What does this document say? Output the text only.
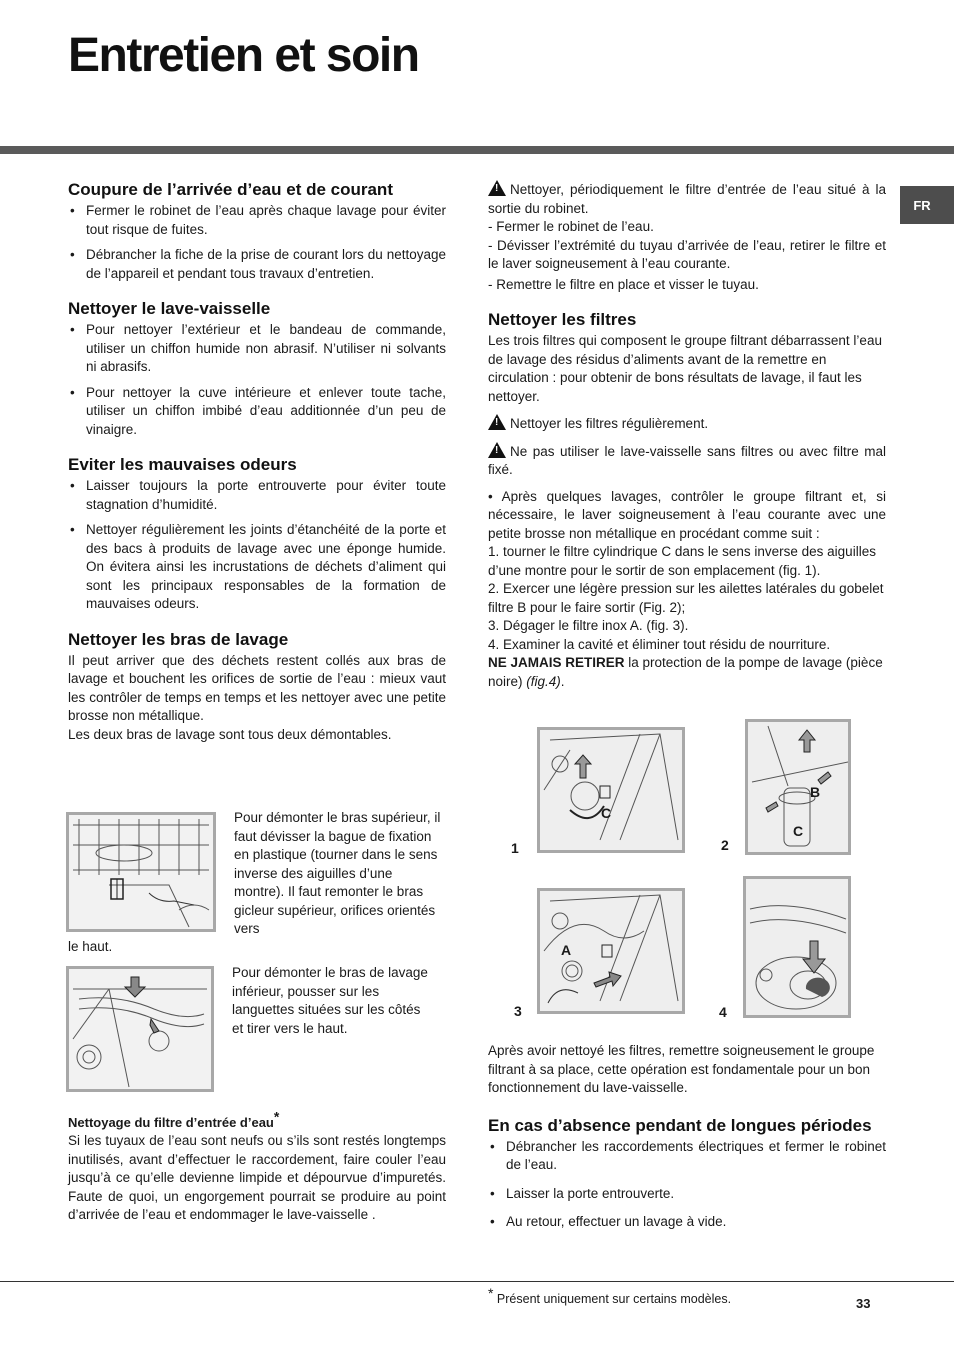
Entretien et soin
FR
Coupure de l’arrivée d’eau et de courant
• Fermer le robinet de l’eau après chaque lavage pour éviter tout risque de fuites.
• Débrancher la fiche de la prise de courant lors du nettoyage de l’appareil et pendant tous travaux d’entretien.
Nettoyer le lave-vaisselle
• Pour nettoyer l’extérieur et le bandeau de commande, utiliser un chiffon humide non abrasif. N’utiliser ni solvants ni abrasifs.
• Pour nettoyer la cuve intérieure et enlever toute tache, utiliser un chiffon imbibé d’eau additionnée d’un peu de vinaigre.
Eviter les mauvaises odeurs
• Laisser toujours la porte entrouverte pour éviter toute stagnation d’humidité.
• Nettoyer régulièrement les joints d’étanchéité de la porte et des bacs à produits de lavage avec une éponge humide. On évitera ainsi les incrustations de déchets d’aliment qui sont les principaux responsables de la formation de mauvaises odeurs.
Nettoyer les bras de lavage

Il peut arriver que des déchets restent collés aux bras de lavage et bouchent les orifices de sortie de l’eau : mieux vaut les contrôler de temps en temps et les nettoyer avec une petite brosse non métallique.

Les deux bras de lavage sont tous deux démontables.

Pour démonter le bras supérieur, il faut dévisser la bague de fixation en plastique (tourner dans le sens inverse des aiguilles d’une montre). Il faut remonter le bras gicleur supérieur, orifices orientés vers
le haut.
Pour démonter le bras de lavage inférieur, pousser sur les languettes situées sur les côtés et tirer vers le haut.
Nettoyage du filtre d’entrée d’eau*

Si les tuyaux de l’eau sont neufs ou s’ils sont restés longtemps inutilisés, avant d’effectuer le raccordement, faire couler l’eau jusqu’à ce qu’elle devienne limpide et dépourvue d’impuretés. Faute de quoi, un engorgement pourrait se produire au point d’arrivée de l’eau et endommager le lave-vaisselle .

!Nettoyer, périodiquement le filtre d’entrée de l’eau situé à la sortie du robinet.

- Fermer le robinet de l’eau.

- Dévisser l’extrémité du tuyau d’arrivée de l’eau, retirer le filtre et le laver soigneusement à l’eau courante.

- Remettre le filtre en place et visser le tuyau.

Nettoyer les filtres

Les trois filtres qui composent le groupe filtrant débarrassent l’eau de lavage des résidus d’aliments avant de la remettre en circulation : pour obtenir de bons résultats de lavage, il faut les nettoyer.

!Nettoyer les filtres régulièrement.

!Ne pas utiliser le lave-vaisselle sans filtres ou avec filtre mal fixé.

• Après quelques lavages, contrôler le groupe filtrant et, si nécessaire, le laver soigneusement à l’eau courante avec une petite brosse non métallique en procédant comme suit :

1. tourner le filtre cylindrique C dans le sens inverse des aiguilles d’une montre pour le sortir de son emplacement (fig. 1).

2. Exercer une légère pression sur les ailettes latérales du gobelet filtre B pour le faire sortir (Fig. 2);

3. Dégager le filtre inox A. (fig. 3).

4. Examiner la cavité et éliminer tout résidu de nourriture.

NE JAMAIS RETIRER la protection de la pompe de lavage (pièce noire) (fig.4).

C
B
C
A
1	2
3	4

Après avoir nettoyé les filtres, remettre soigneusement le groupe filtrant à sa place, cette opération est fondamentale pour un bon fonctionnement du lave-vaisselle.

En cas d’absence pendant de longues périodes
• Débrancher les raccordements électriques et fermer le robinet de l’eau.
• Laisser la porte entrouverte.
• Au retour, effectuer un lavage à vide.
* Présent uniquement sur certains modèles.	33
